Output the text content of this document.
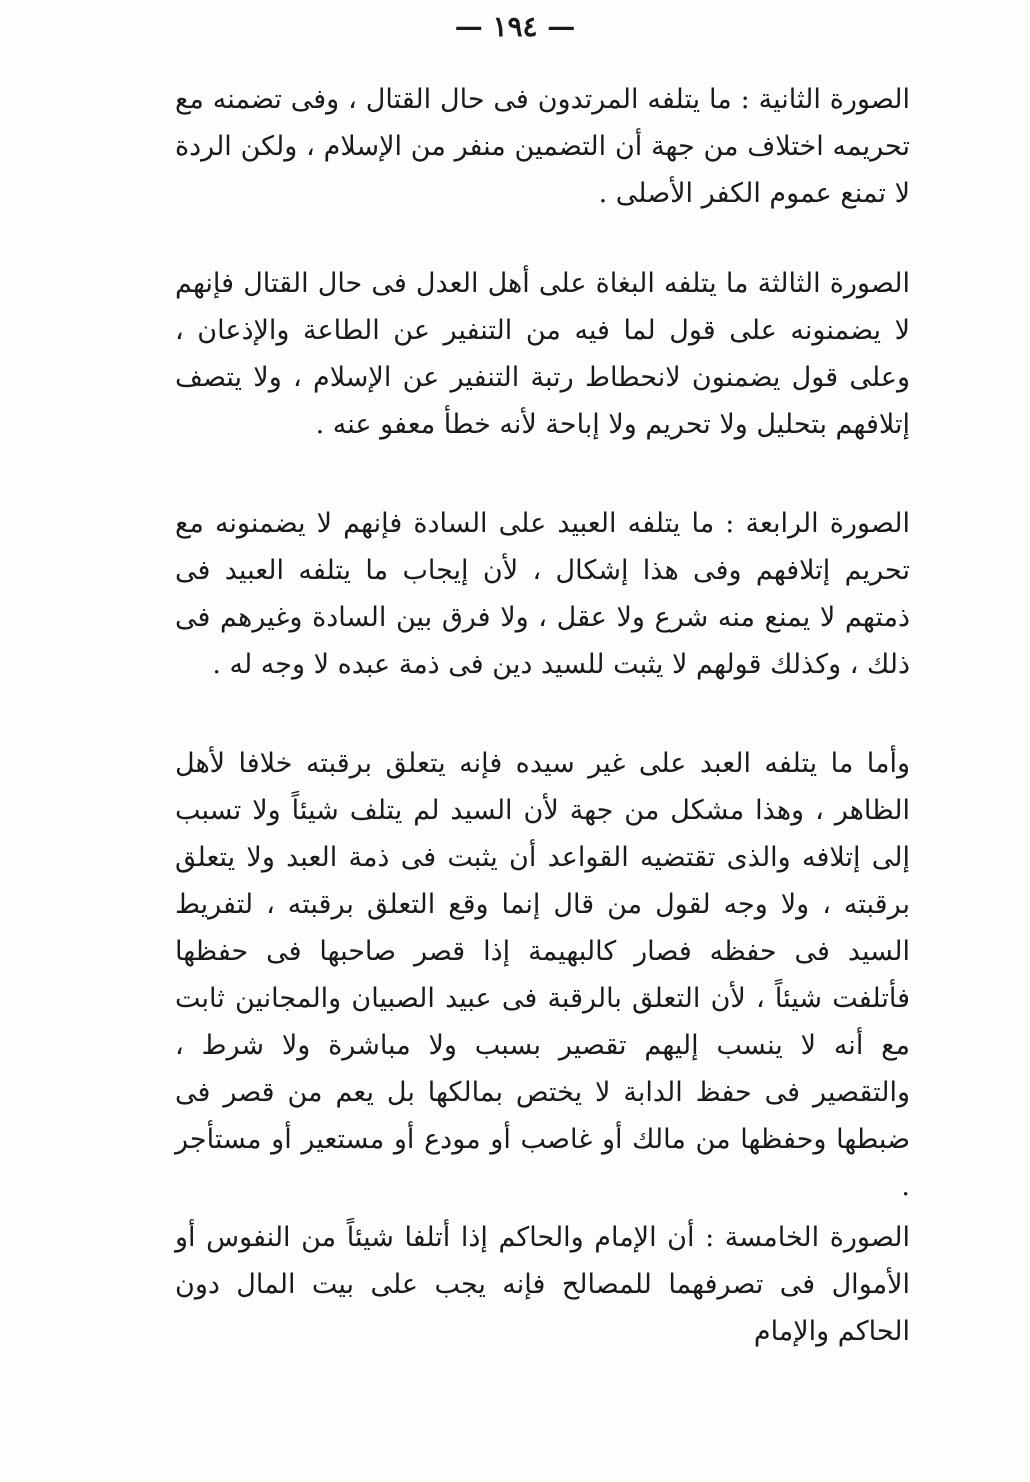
— ١٩٤ —

الصورة الثانية : ما يتلفه المرتدون فى حال القتال ، وفى تضمنه مع تحريمه اختلاف من جهة أن التضمين منفر من الإسلام ، ولكن الردة لا تمنع عموم الكفر الأصلى .

الصورة الثالثة ما يتلفه البغاة على أهل العدل فى حال القتال فإنهم لا يضمنونه على قول لما فيه من التنفير عن الطاعة والإذعان ، وعلى قول يضمنون لانحطاط رتبة التنفير عن الإسلام ، ولا يتصف إتلافهم بتحليل ولا تحريم ولا إباحة لأنه خطأ معفو عنه .

الصورة الرابعة : ما يتلفه العبيد على السادة فإنهم لا يضمنونه مع تحريم إتلافهم وفى هذا إشكال ، لأن إيجاب ما يتلفه العبيد فى ذمتهم لا يمنع منه شرع ولا عقل ، ولا فرق بين السادة وغيرهم فى ذلك ، وكذلك قولهم لا يثبت للسيد دين فى ذمة عبده لا وجه له .

وأما ما يتلفه العبد على غير سيده فإنه يتعلق برقبته خلافا لأهل الظاهر ، وهذا مشكل من جهة لأن السيد لم يتلف شيئاً ولا تسبب إلى إتلافه والذى تقتضيه القواعد أن يثبت فى ذمة العبد ولا يتعلق برقبته ، ولا وجه لقول من قال إنما وقع التعلق برقبته ، لتفريط السيد فى حفظه فصار كالبهيمة إذا قصر صاحبها فى حفظها فأتلفت شيئاً ، لأن التعلق بالرقبة فى عبيد الصبيان والمجانين ثابت مع أنه لا ينسب إليهم تقصير بسبب ولا مباشرة ولا شرط ، والتقصير فى حفظ الدابة لا يختص بمالكها بل يعم من قصر فى ضبطها وحفظها من مالك أو غاصب أو مودع أو مستعير أو مستأجر .

الصورة الخامسة : أن الإمام والحاكم إذا أتلفا شيئاً من النفوس أو الأموال فى تصرفهما للمصالح فإنه يجب على بيت المال دون الحاكم والإمام
